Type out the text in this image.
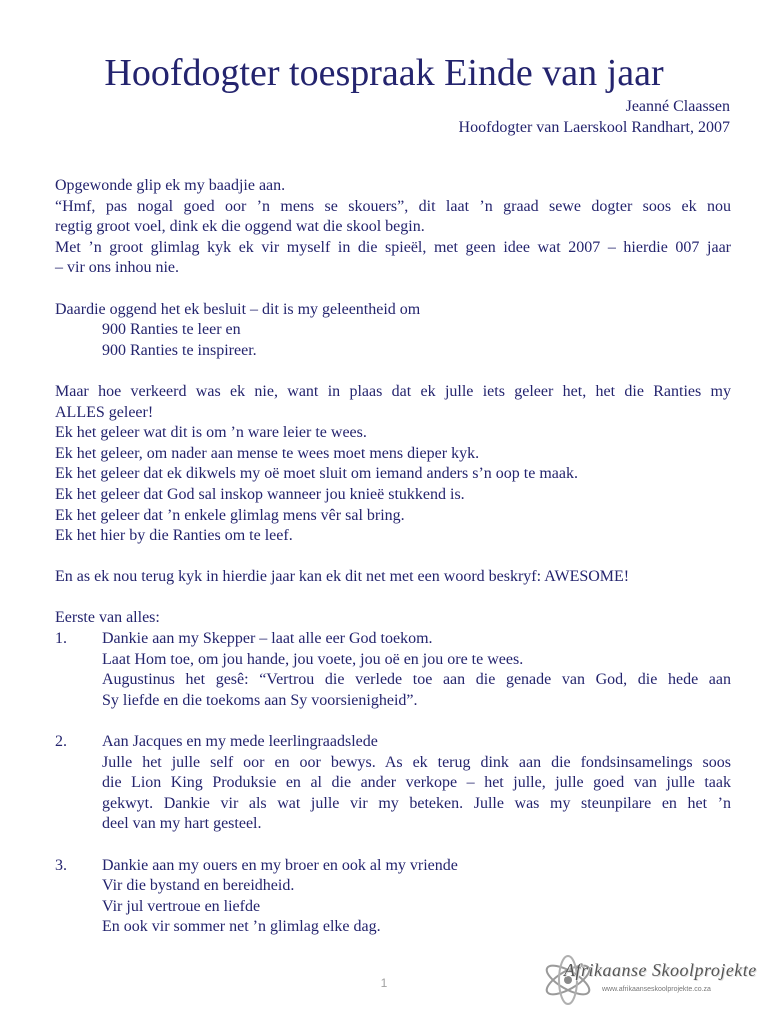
Hoofdogter toespraak Einde van jaar
Jeanné Claassen
Hoofdogter van Laerskool Randhart, 2007
Opgewonde glip ek my baadjie aan.
“Hmf, pas nogal goed oor ’n mens se skouers”, dit laat ’n graad sewe dogter soos ek nou
regtig groot voel, dink ek die oggend wat die skool begin.
Met ’n groot glimlag kyk ek vir myself in die spieël, met geen idee wat 2007 – hierdie 007 jaar
– vir ons inhou nie.
Daardie oggend het ek besluit – dit is my geleentheid om
900 Ranties te leer en
900 Ranties te inspireer.
Maar hoe verkeerd was ek nie, want in plaas dat ek julle iets geleer het, het die Ranties my
ALLES geleer!
Ek het geleer wat dit is om ’n ware leier te wees.
Ek het geleer, om nader aan mense te wees moet mens dieper kyk.
Ek het geleer dat ek dikwels my oë moet sluit om iemand anders s’n oop te maak.
Ek het geleer dat God sal inskop wanneer jou knieë stukkend is.
Ek het geleer dat ’n enkele glimlag mens vêr sal bring.
Ek het hier by die Ranties om te leef.
En as ek nou terug kyk in hierdie jaar kan ek dit net met een woord beskryf: AWESOME!
Eerste van alles:
1.	Dankie aan my Skepper – laat alle eer God toekom.
Laat Hom toe, om jou hande, jou voete, jou oë en jou ore te wees.
Augustinus het gesê: “Vertrou die verlede toe aan die genade van God, die hede aan
Sy liefde en die toekoms aan Sy voorsienigheid”.
2.	Aan Jacques en my mede leerlingraadslede
Julle het julle self oor en oor bewys. As ek terug dink aan die fondsinsamelings soos
die Lion King Produksie en al die ander verkope – het julle, julle goed van julle taak
gekwyt. Dankie vir als wat julle vir my beteken. Julle was my steunpilare en het ’n
deel van my hart gesteel.
3.	Dankie aan my ouers en my broer en ook al my vriende
Vir die bystand en bereidheid.
Vir jul vertroue en liefde
En ook vir sommer net ’n glimlag elke dag.
1
Afrikaanse Skoolprojekte
www.afrikaanseskoolprojekte.co.za
